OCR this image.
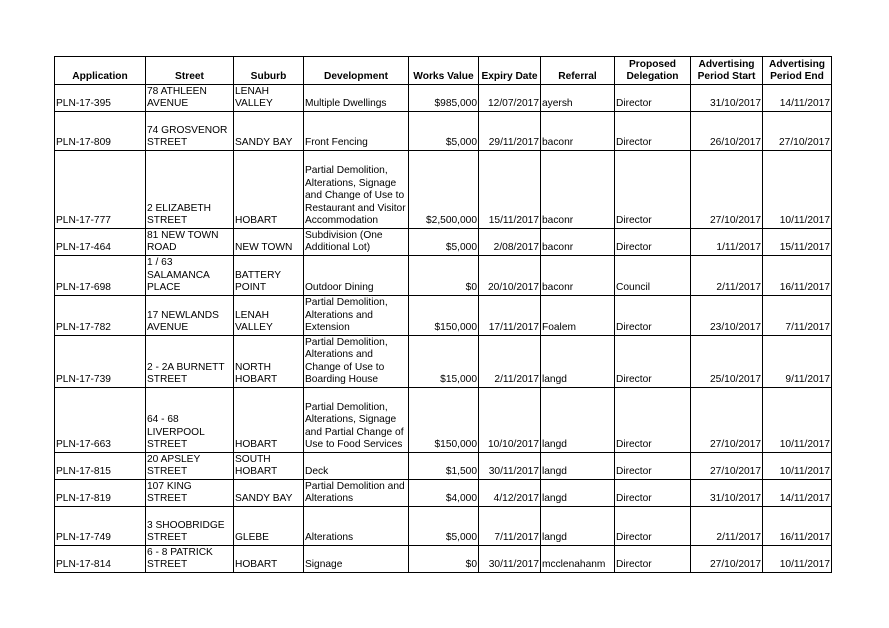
Application	Street	Suburb	Development	Works Value	Expiry Date	Referral	Proposed Delegation	Advertising Period Start	Advertising Period End
PLN-17-395	78 ATHLEEN AVENUE	LENAH VALLEY	Multiple Dwellings	$985,000	12/07/2017	ayersh	Director	31/10/2017	14/11/2017
PLN-17-809	74 GROSVENOR STREET	SANDY BAY	Front Fencing	$5,000	29/11/2017	baconr	Director	26/10/2017	27/10/2017
PLN-17-777	2 ELIZABETH STREET	HOBART	Partial Demolition, Alterations, Signage and Change of Use to Restaurant and Visitor Accommodation	$2,500,000	15/11/2017	baconr	Director	27/10/2017	10/11/2017
PLN-17-464	81 NEW TOWN ROAD	NEW TOWN	Subdivision (One Additional Lot)	$5,000	2/08/2017	baconr	Director	1/11/2017	15/11/2017
PLN-17-698	1 / 63 SALAMANCA PLACE	BATTERY POINT	Outdoor Dining	$0	20/10/2017	baconr	Council	2/11/2017	16/11/2017
PLN-17-782	17 NEWLANDS AVENUE	LENAH VALLEY	Partial Demolition, Alterations and Extension	$150,000	17/11/2017	Foalem	Director	23/10/2017	7/11/2017
PLN-17-739	2 - 2A BURNETT STREET	NORTH HOBART	Partial Demolition, Alterations and Change of Use to Boarding House	$15,000	2/11/2017	langd	Director	25/10/2017	9/11/2017
PLN-17-663	64 - 68 LIVERPOOL STREET	HOBART	Partial Demolition, Alterations, Signage and Partial Change of Use to Food Services	$150,000	10/10/2017	langd	Director	27/10/2017	10/11/2017
PLN-17-815	20 APSLEY STREET	SOUTH HOBART	Deck	$1,500	30/11/2017	langd	Director	27/10/2017	10/11/2017
PLN-17-819	107 KING STREET	SANDY BAY	Partial Demolition and Alterations	$4,000	4/12/2017	langd	Director	31/10/2017	14/11/2017
PLN-17-749	3 SHOOBRIDGE STREET	GLEBE	Alterations	$5,000	7/11/2017	langd	Director	2/11/2017	16/11/2017
PLN-17-814	6 - 8 PATRICK STREET	HOBART	Signage	$0	30/11/2017	mcclenahanm	Director	27/10/2017	10/11/2017
